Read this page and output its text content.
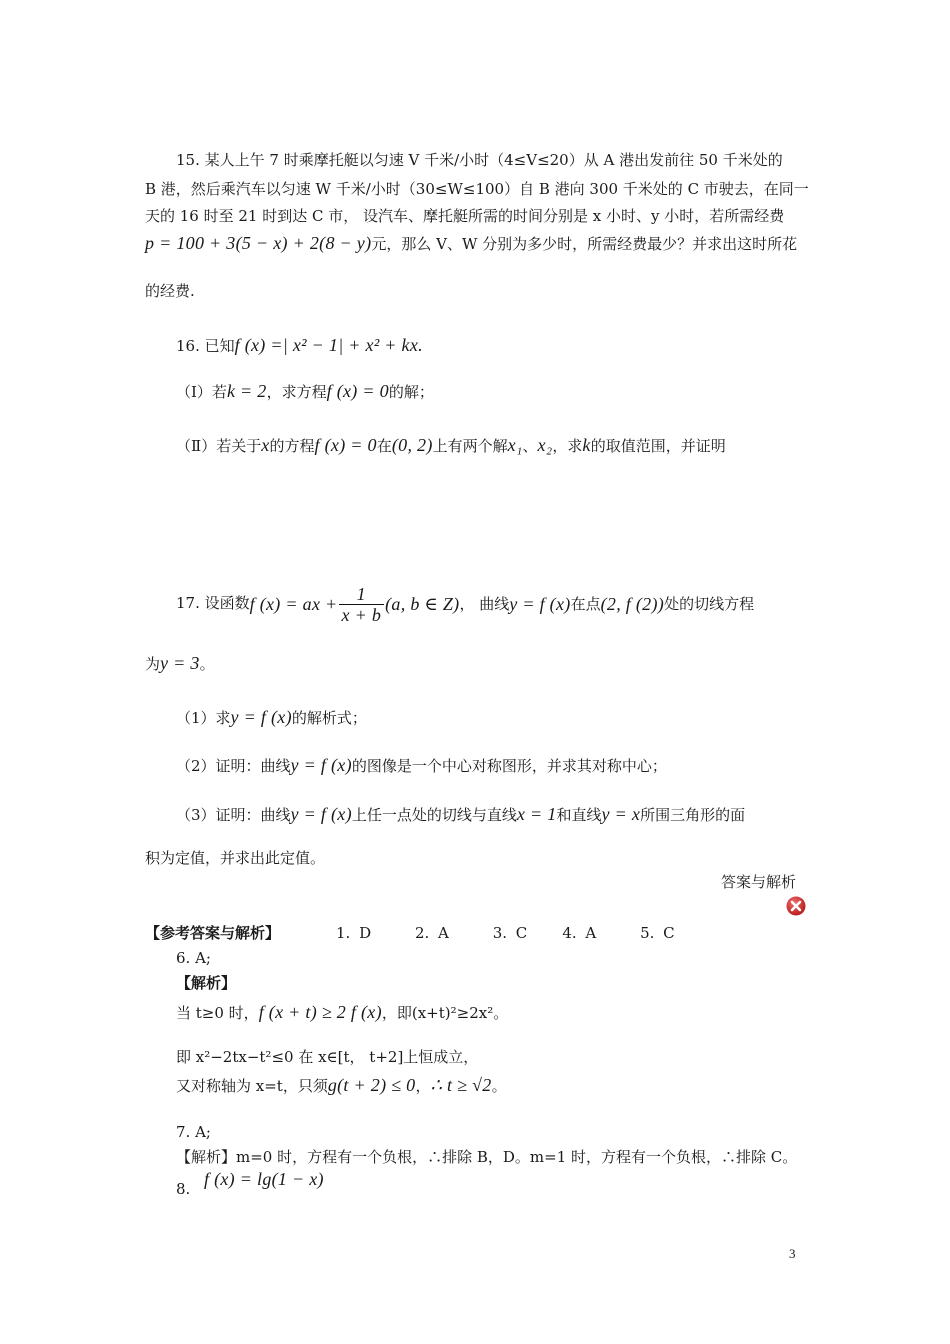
15. 某人上午 7 时乘摩托艇以匀速 V 千米/小时（4≤V≤20）从 A 港出发前往 50 千米处的
B 港，然后乘汽车以匀速 W 千米/小时（30≤W≤100）自 B 港向 300 千米处的 C 市驶去，在同一
天的 16 时至 21 时到达 C 市， 设汽车、摩托艇所需的时间分别是 x 小时、y 小时，若所需经费
p = 100 + 3(5 − x) + 2(8 − y)元，那么 V、W 分别为多少时，所需经费最少？并求出这时所花
的经费.
16. 已知f (x) =| x² − 1| + x² + kx.
（Ⅰ）若k = 2，求方程f (x) = 0的解；
（Ⅱ）若关于x的方程f (x) = 0在(0, 2)上有两个解x₁、x₂，求k的取值范围，并证明
17. 设函数f (x) = ax + $\frac{1}{x + b} (a$, b ∈ Z)， 曲线y = f (x)在点(2, f (2))处的切线方程
为y = 3。
（1）求y = f (x)的解析式；
（2）证明：曲线y = f (x)的图像是一个中心对称图形，并求其对称中心；
（3）证明：曲线y = f (x)上任一点处的切线与直线x = 1和直线y = x所围三角形的面
积为定值，并求出此定值。
答案与解析
【参考答案与解析】	1. D     2. A     3. C    4. A     5. C
6. A;
【解析】
当 t≥0 时，f (x + t) ≥ 2 f (x)，即(x+t)²≥2x²。
即 x²−2tx−t²≤0 在 x∈[t， t+2]上恒成立，
又对称轴为 x=t，只须g(t + 2) ≤ 0，∴ t ≥ √2。
7. A;
【解析】m=0 时，方程有一个负根，∴排除 B，D。m=1 时，方程有一个负根，∴排除 C。
8. f (x) = lg(1 − x)
3
